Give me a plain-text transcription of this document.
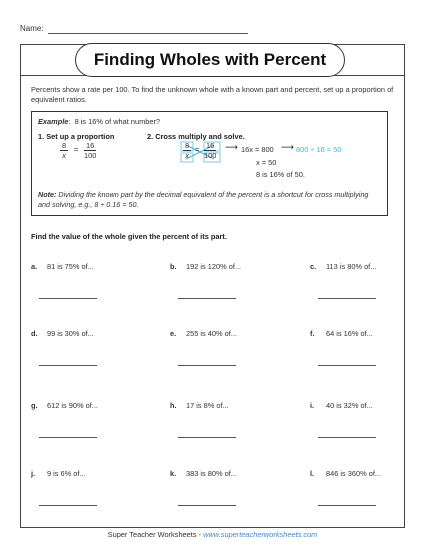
Name:
Finding Wholes with Percent
Percents show a rate per 100. To find the unknown whole with a known part and percent, set up a proportion of equivalent ratios.
Example:  8 is 16% of what number?
1. Set up a proportion	2. Cross multiply and solve.
$\frac{8}{x} = \frac{16}{100}$	$\frac{8}{x} = \frac{16}{100}$ ⟶ 16x = 800 ⟶ 800 ÷ 16 = 50
x = 50
8 is 16% of 50.
Note: Dividing the known part by the decimal equivalent of the percent is a shortcut for cross multiplying and solving, e.g., 8 ÷ 0.16 = 50.
Find the value of the whole given the percent of its part.
a. 81 is 75% of...	b. 192 is 120% of...	c. 113 is 80% of...
d. 99 is 30% of...	e. 255 is 40% of...	f. 64 is 16% of...
g. 612 is 90% of...	h. 17 is 8% of...	i. 40 is 32% of...
j. 9 is 6% of...	k. 383 is 80% of...	l. 846 is 360% of...
Super Teacher Worksheets - www.superteacherworksheets.com
